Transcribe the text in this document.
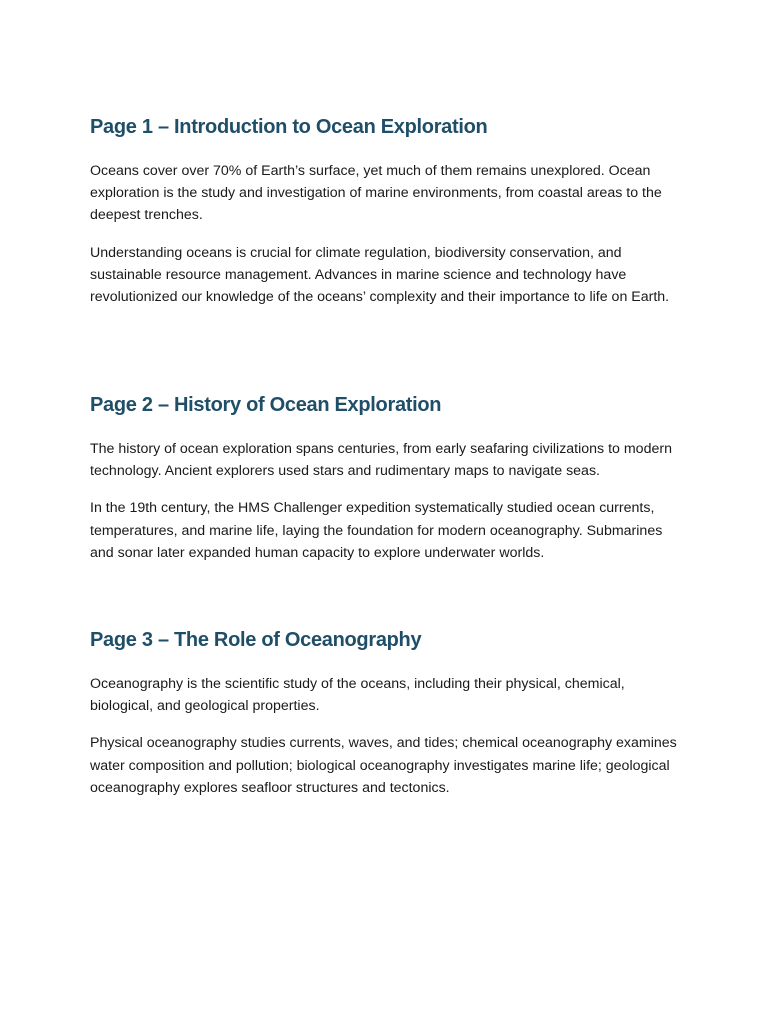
Page 1 – Introduction to Ocean Exploration

Oceans cover over 70% of Earth’s surface, yet much of them remains unexplored. Ocean exploration is the study and investigation of marine environments, from coastal areas to the deepest trenches.

Understanding oceans is crucial for climate regulation, biodiversity conservation, and sustainable resource management. Advances in marine science and technology have revolutionized our knowledge of the oceans’ complexity and their importance to life on Earth.

Page 2 – History of Ocean Exploration

The history of ocean exploration spans centuries, from early seafaring civilizations to modern technology. Ancient explorers used stars and rudimentary maps to navigate seas.

In the 19th century, the HMS Challenger expedition systematically studied ocean currents, temperatures, and marine life, laying the foundation for modern oceanography. Submarines and sonar later expanded human capacity to explore underwater worlds.

Page 3 – The Role of Oceanography

Oceanography is the scientific study of the oceans, including their physical, chemical, biological, and geological properties.

Physical oceanography studies currents, waves, and tides; chemical oceanography examines water composition and pollution; biological oceanography investigates marine life; geological oceanography explores seafloor structures and tectonics.
